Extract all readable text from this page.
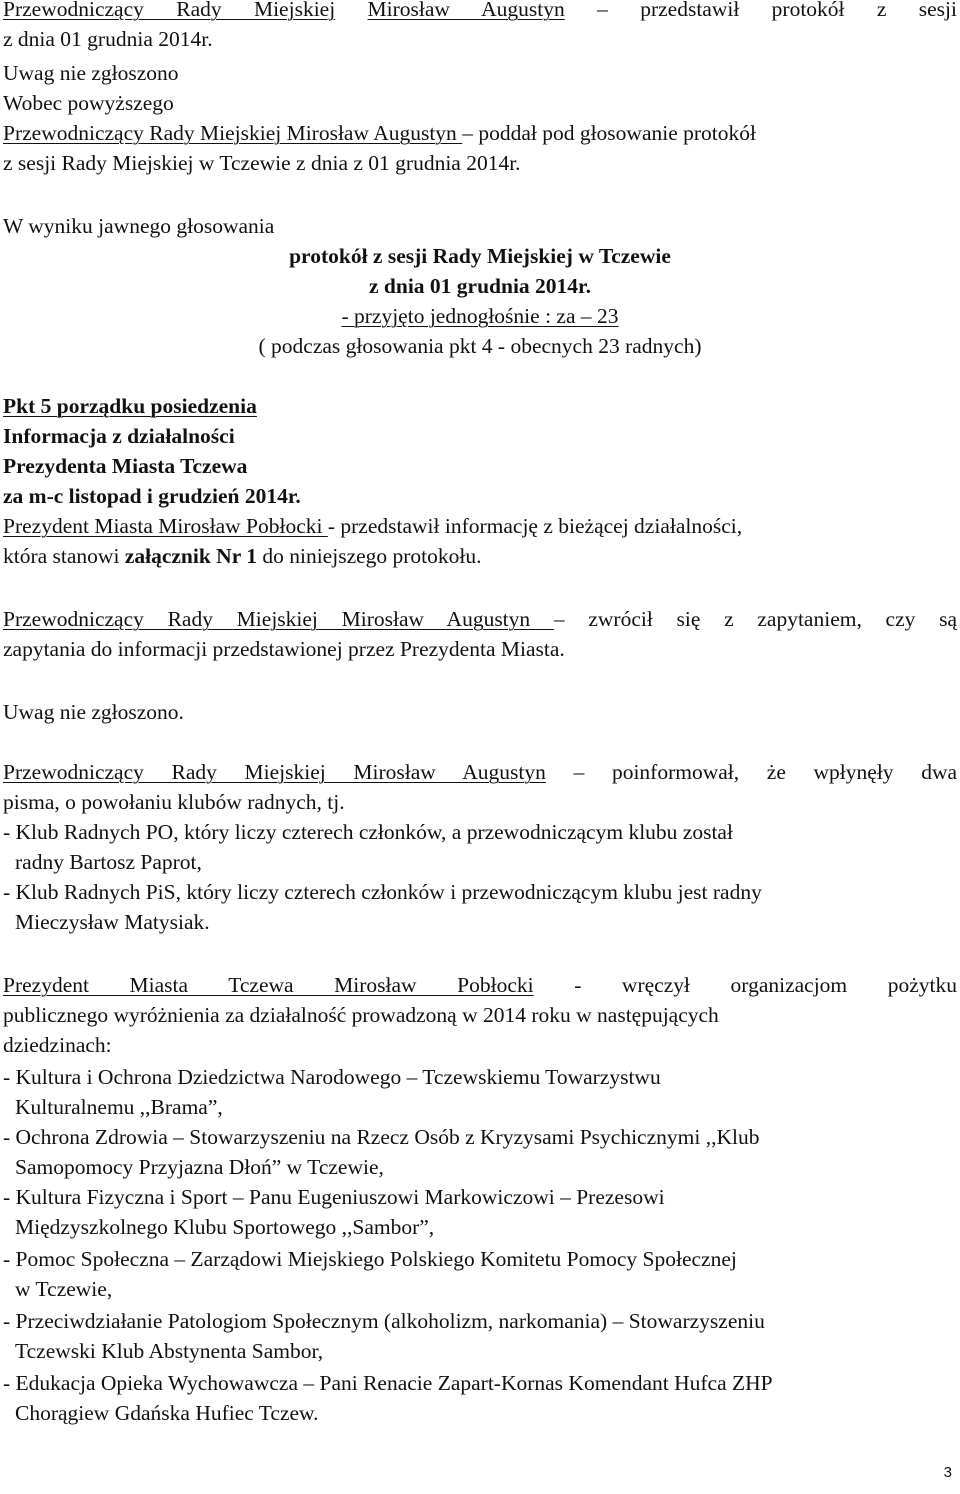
Przewodniczący Rady Miejskiej Mirosław Augustyn – przedstawił protokół z sesji
z dnia 01 grudnia 2014r.
Uwag nie zgłoszono
Wobec powyższego
Przewodniczący Rady Miejskiej Mirosław Augustyn – poddał pod głosowanie protokół
z sesji Rady Miejskiej w Tczewie z dnia z 01 grudnia 2014r.
W wyniku jawnego głosowania
protokół z sesji Rady Miejskiej w Tczewie
z dnia 01 grudnia 2014r.
- przyjęto jednogłośnie : za – 23
( podczas głosowania pkt 4 - obecnych 23 radnych)
Pkt 5 porządku posiedzenia
Informacja z działalności
Prezydenta Miasta Tczewa
za m-c listopad i grudzień 2014r.
Prezydent Miasta Mirosław Pobłocki - przedstawił informację z bieżącej działalności,
która stanowi załącznik Nr 1 do niniejszego protokołu.
Przewodniczący Rady Miejskiej Mirosław Augustyn – zwrócił się z zapytaniem, czy są
zapytania do informacji przedstawionej przez Prezydenta Miasta.
Uwag nie zgłoszono.
Przewodniczący Rady Miejskiej Mirosław Augustyn – poinformował, że wpłynęły dwa
pisma, o powołaniu klubów radnych, tj.
- Klub Radnych PO, który liczy czterech członków, a przewodniczącym klubu został
radny Bartosz Paprot,
- Klub Radnych PiS, który liczy czterech członków i przewodniczącym klubu jest radny
Mieczysław Matysiak.
Prezydent Miasta Tczewa Mirosław Pobłocki - wręczył organizacjom pożytku
publicznego wyróżnienia za działalność prowadzoną w 2014 roku w następujących
dziedzinach:
- Kultura i Ochrona Dziedzictwa Narodowego – Tczewskiemu Towarzystwu
Kulturalnemu ,,Brama”,
- Ochrona Zdrowia – Stowarzyszeniu na Rzecz Osób z Kryzysami Psychicznymi ,,Klub
Samopomocy Przyjazna Dłoń” w Tczewie,
- Kultura Fizyczna i Sport – Panu Eugeniuszowi Markowiczowi – Prezesowi
Międzyszkolnego Klubu Sportowego ,,Sambor”,
- Pomoc Społeczna – Zarządowi Miejskiego Polskiego Komitetu Pomocy Społecznej
w Tczewie,
- Przeciwdziałanie Patologiom Społecznym (alkoholizm, narkomania) – Stowarzyszeniu
Tczewski Klub Abstynenta Sambor,
- Edukacja Opieka Wychowawcza – Pani Renacie Zapart-Kornas Komendant Hufca ZHP
Chorągiew Gdańska Hufiec Tczew.
3
